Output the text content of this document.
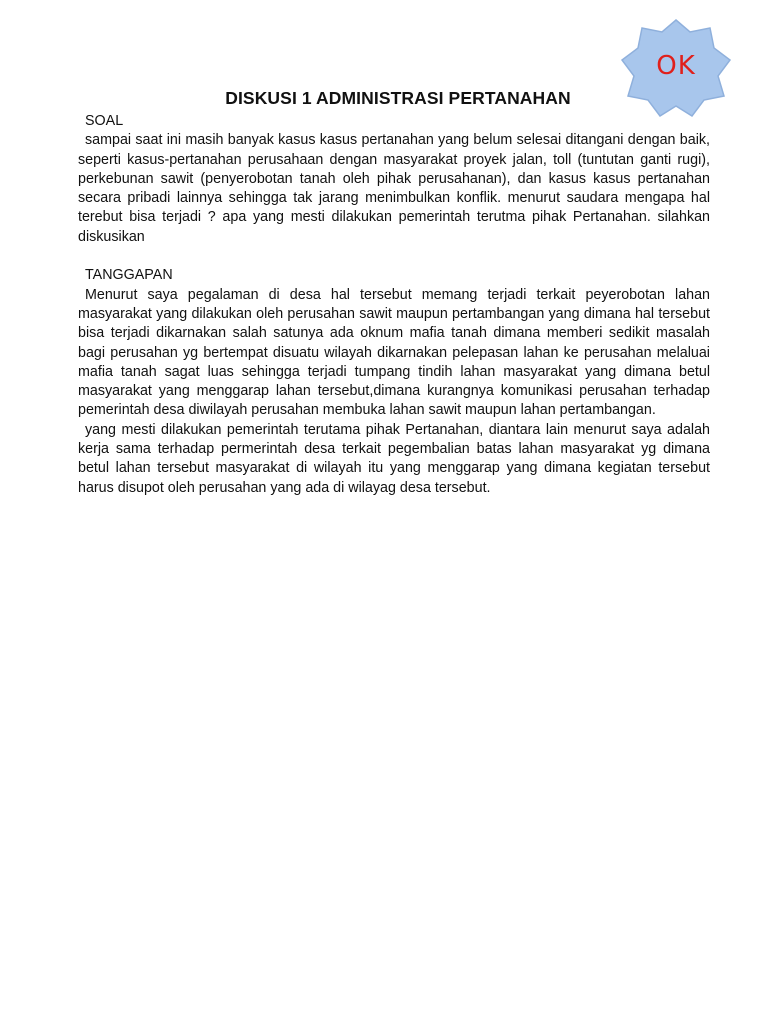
OK
DISKUSI 1 ADMINISTRASI PERTANAHAN

SOAL

sampai saat ini masih banyak kasus kasus pertanahan yang belum selesai ditangani dengan baik, seperti kasus-pertanahan perusahaan dengan masyarakat proyek jalan, toll (tuntutan ganti rugi), perkebunan sawit (penyerobotan tanah oleh pihak perusahanan), dan kasus kasus pertanahan secara pribadi lainnya sehingga tak jarang menimbulkan konflik. menurut saudara mengapa hal terebut bisa terjadi ? apa yang mesti dilakukan pemerintah terutma pihak Pertanahan. silahkan diskusikan

TANGGAPAN

Menurut saya pegalaman di desa hal tersebut memang terjadi terkait peyerobotan lahan masyarakat yang dilakukan oleh perusahan sawit maupun pertambangan yang dimana hal tersebut bisa terjadi dikarnakan salah satunya ada oknum mafia tanah dimana memberi sedikit masalah bagi perusahan yg bertempat disuatu wilayah dikarnakan pelepasan lahan ke perusahan melaluai mafia tanah sagat luas sehingga terjadi tumpang tindih lahan masyarakat yang dimana betul masyarakat yang menggarap lahan tersebut,dimana kurangnya komunikasi perusahan terhadap pemerintah desa diwilayah perusahan membuka lahan sawit maupun lahan pertambangan.

yang mesti dilakukan pemerintah terutama pihak Pertanahan, diantara lain menurut saya adalah kerja sama terhadap permerintah desa terkait pegembalian batas lahan masyarakat yg dimana betul lahan tersebut masyarakat di wilayah itu yang menggarap yang dimana kegiatan tersebut harus disupot oleh perusahan yang ada di wilayag desa tersebut.
